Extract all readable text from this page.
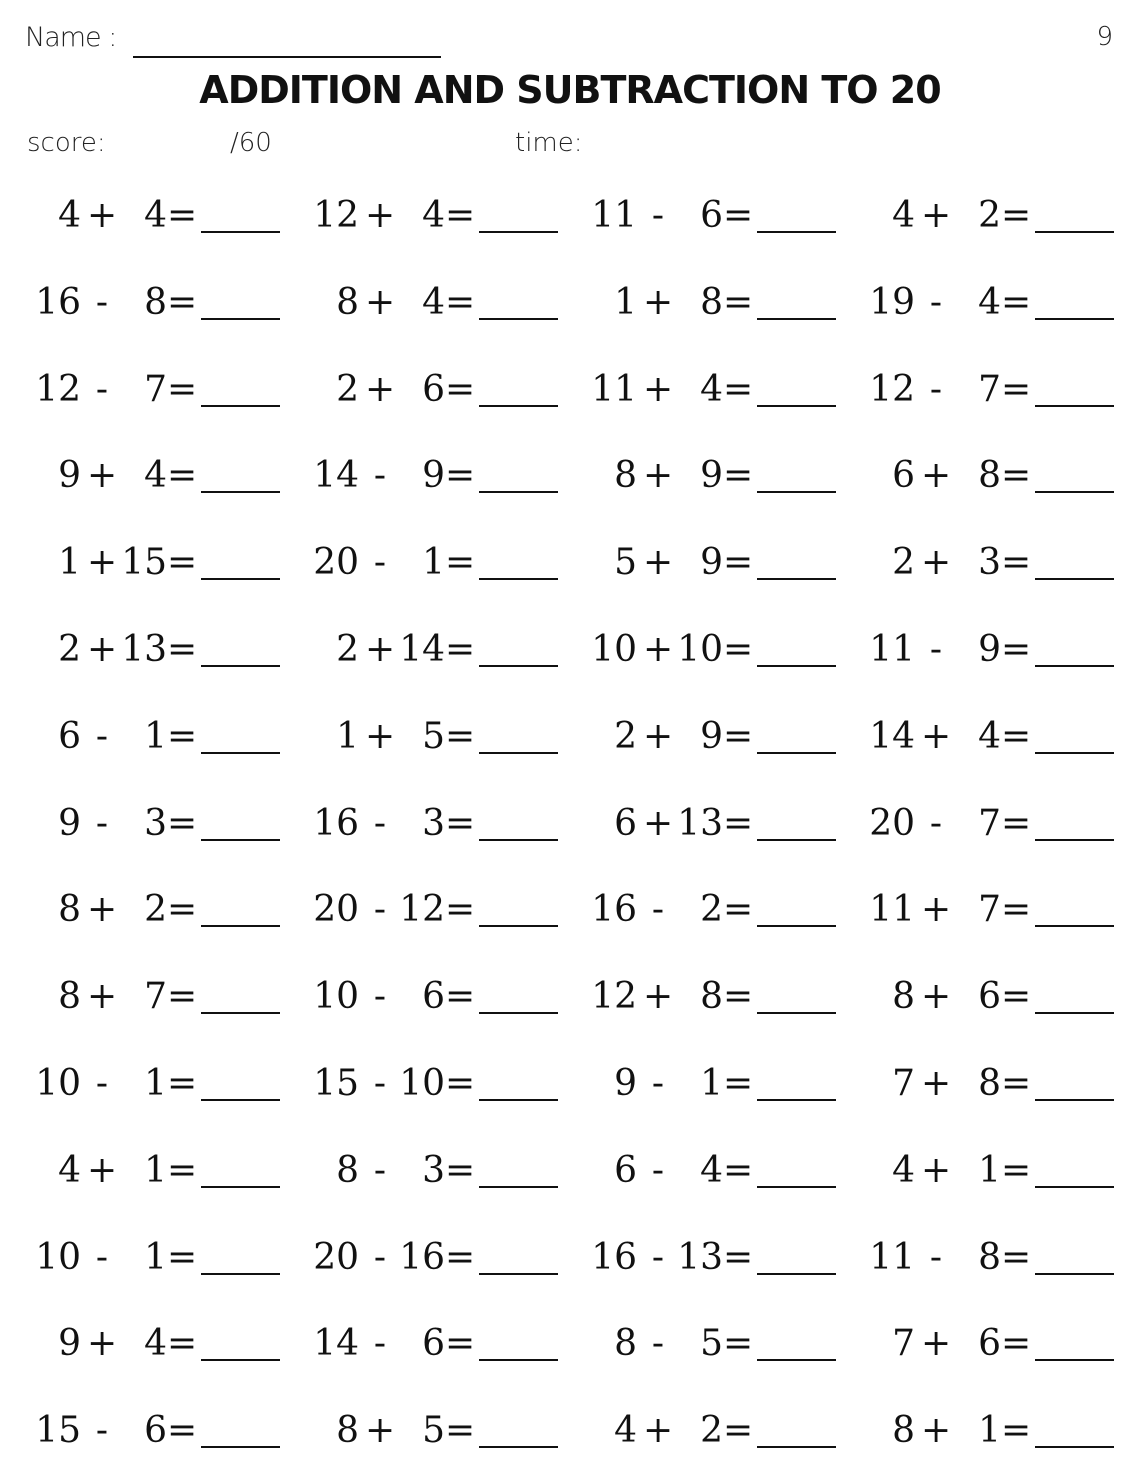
Name :	9
ADDITION AND SUBTRACTION TO 20
score:	/60	time:
4 + 4 =	12 + 4 =	11 -	6 =	4 + 2 =
16 -	8 =	8 + 4 =	1 + 8 =	19 -	4 =
12 -	7 =	2 + 6 =	11 + 4 =	12 -	7 =
9 + 4 =	14 -	9 =	8 + 9 =	6 + 8 =
1 + 15 =	20 -	1 =	5 + 9 =	2 + 3 =
2 + 13 =	2 + 14 =	10 + 10 =	11 -	9 =
6 -	1 =	1 + 5 =	2 + 9 =	14 + 4 =
9 -	3 =	16 -	3 =	6 + 13 =	20 -	7 =
8 + 2 =	20 - 12 =	16 -	2 =	11 + 7 =
8 + 7 =	10 -	6 =	12 + 8 =	8 + 6 =
10 -	1 =	15 - 10 =	9 -	1 =	7 + 8 =
4 + 1 =	8 -	3 =	6 -	4 =	4 + 1 =
10 -	1 =	20 - 16 =	16 - 13 =	11 -	8 =
9 + 4 =	14 -	6 =	8 -	5 =	7 + 6 =
15 -	6 =	8 + 5 =	4 + 2 =	8 + 1 =
